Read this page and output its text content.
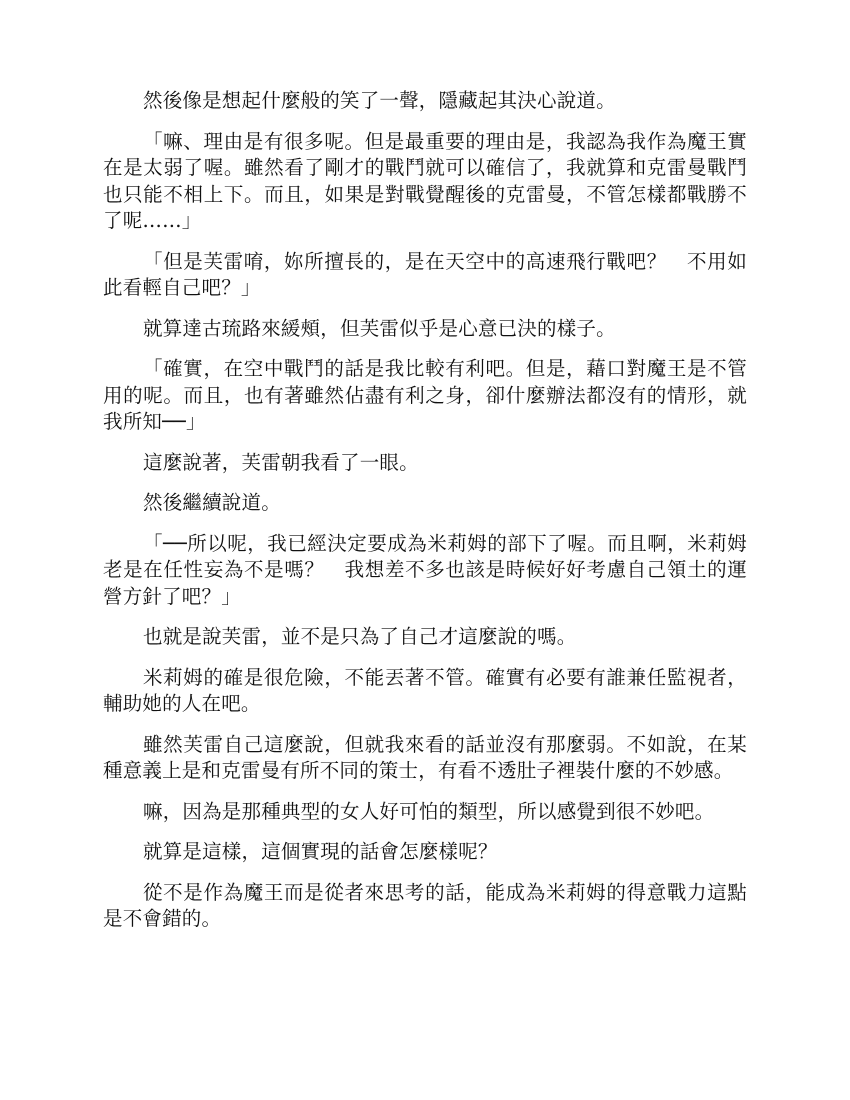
然後像是想起什麼般的笑了一聲，隱藏起其決心說道。

「嘛、理由是有很多呢。但是最重要的理由是，我認為我作為魔王實在是太弱了喔。雖然看了剛才的戰鬥就可以確信了，我就算和克雷曼戰鬥也只能不相上下。而且，如果是對戰覺醒後的克雷曼，不管怎樣都戰勝不了呢……」

「但是芙雷唷，妳所擅長的，是在天空中的高速飛行戰吧？　不用如此看輕自己吧？」

就算達古琉路來緩頰，但芙雷似乎是心意已決的樣子。

「確實，在空中戰鬥的話是我比較有利吧。但是，藉口對魔王是不管用的呢。而且，也有著雖然佔盡有利之身，卻什麼辦法都沒有的情形，就我所知──」

這麼說著，芙雷朝我看了一眼。

然後繼續說道。

「──所以呢，我已經決定要成為米莉姆的部下了喔。而且啊，米莉姆老是在任性妄為不是嗎？　我想差不多也該是時候好好考慮自己領土的運營方針了吧？」

也就是說芙雷，並不是只為了自己才這麼說的嗎。

米莉姆的確是很危險，不能丟著不管。確實有必要有誰兼任監視者，輔助她的人在吧。

雖然芙雷自己這麼說，但就我來看的話並沒有那麼弱。不如說，在某種意義上是和克雷曼有所不同的策士，有看不透肚子裡裝什麼的不妙感。

嘛，因為是那種典型的女人好可怕的類型，所以感覺到很不妙吧。

就算是這樣，這個實現的話會怎麼樣呢？

從不是作為魔王而是從者來思考的話，能成為米莉姆的得意戰力這點是不會錯的。
